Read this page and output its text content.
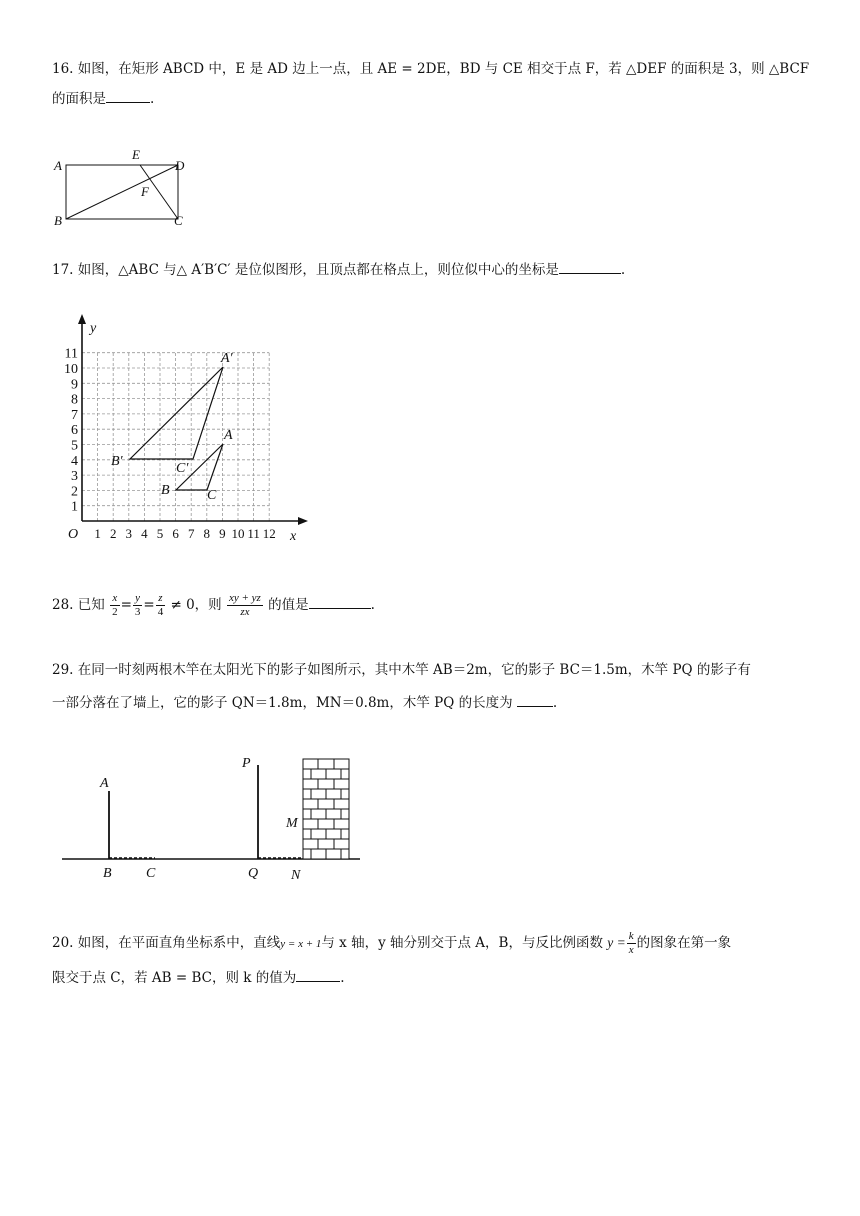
16. 如图，在矩形 ABCD 中，E 是 AD 边上一点，且 AE = 2DE，BD 与 CE 相交于点 F，若 △DEF 的面积是 3，则 △BCF
的面积是	.
A
E
D
F
B	C
17. 如图，△ABC 与△ A′B′C′ 是位似图形，且顶点都在格点上，则位似中心的坐标是	.
y
x
O 1 2 3 4 5 6 7 8 9 10 11 12
1
2
3
4
5
6
7
8
9
10
11	A′
B′	C′
A
B	C
28. 已知 $\frac{x}{2} = \frac{y}{3} = \frac{z}{4} \ne 0$，则 $\frac{xy + yz}{zx}$ 的值是	.
29. 在同一时刻两根木竿在太阳光下的影子如图所示，其中木竿 AB＝2m，它的影子 BC＝1.5m，木竿 PQ 的影子有
一部分落在了墙上，它的影子 QN＝1.8m，MN＝0.8m，木竿 PQ 的长度为	.
A
B C
P
Q
M
N
20. 如图，在平面直角坐标系中，直线y = x + 1与 x 轴，y 轴分别交于点 A，B，与反比例函数 $y = \frac{k}{x}$ 的图象在第一象
限交于点 C，若 AB = BC，则 k 的值为	.
